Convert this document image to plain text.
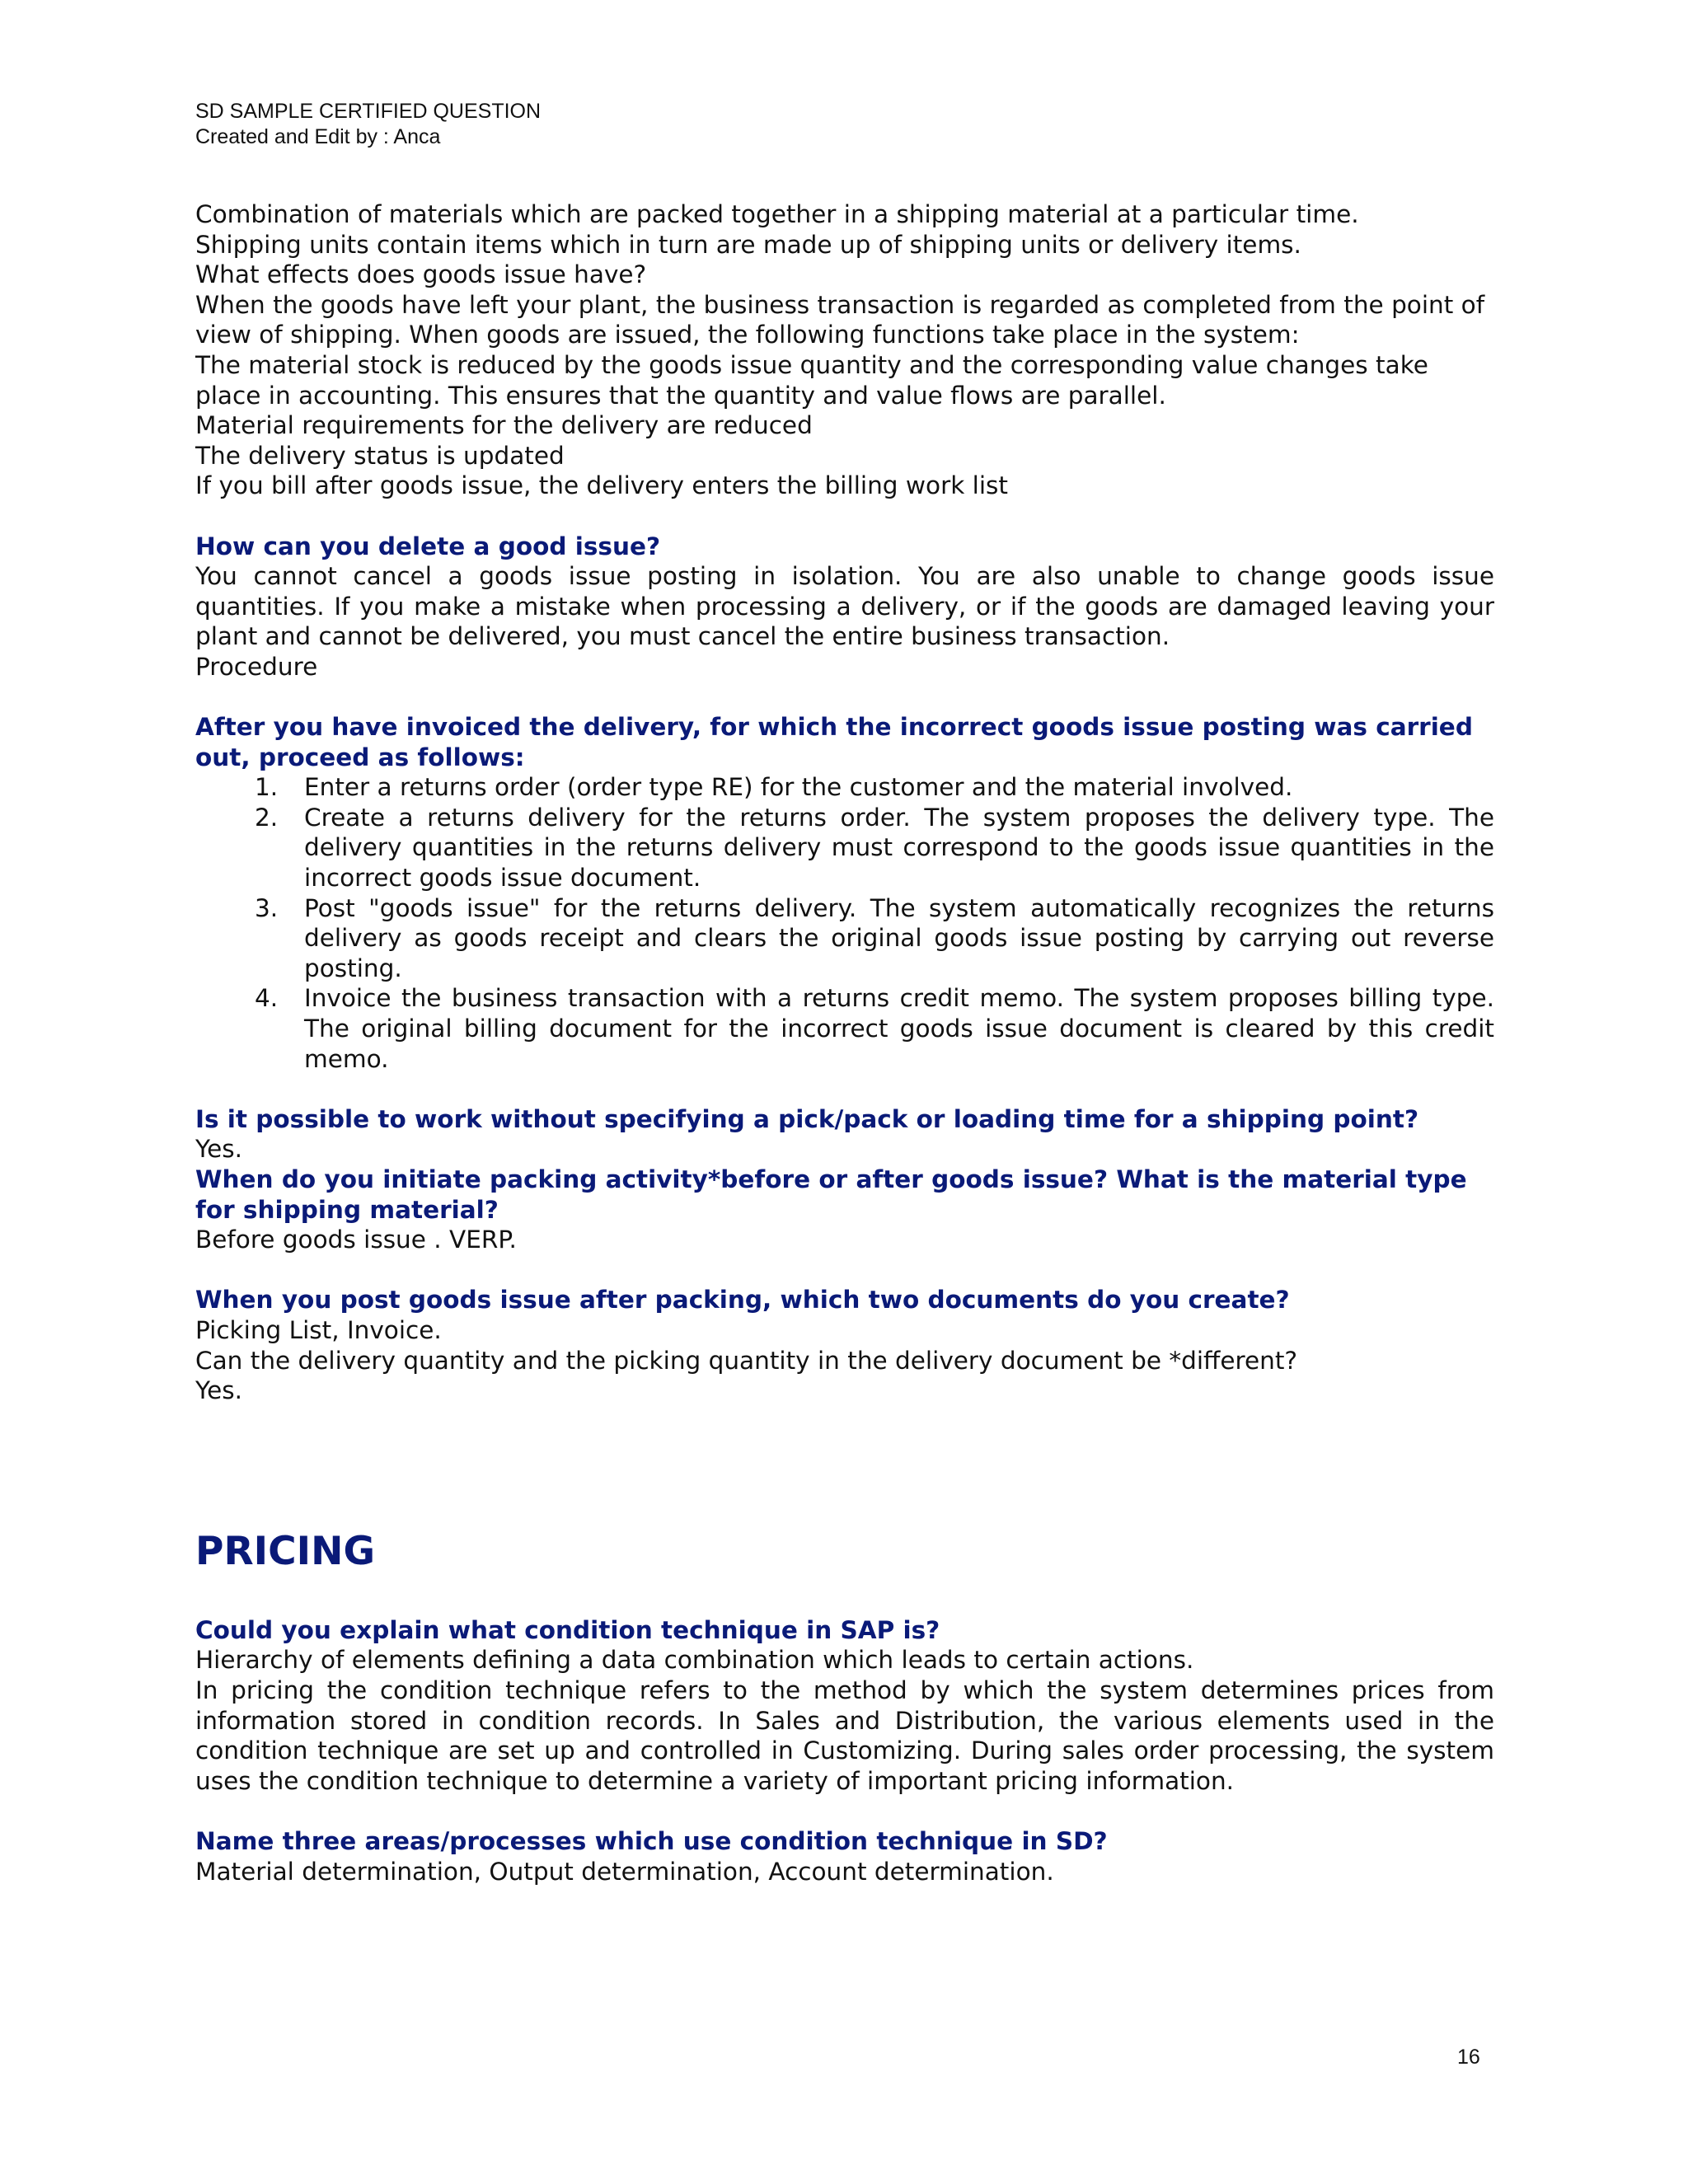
SD SAMPLE CERTIFIED QUESTION
Created and Edit by : Anca

Combination of materials which are packed together in a shipping material at a particular time.

Shipping units contain items which in turn are made up of shipping units or delivery items.

What effects does goods issue have?

When the goods have left your plant, the business transaction is regarded as completed from the point of view of shipping. When goods are issued, the following functions take place in the system:

The material stock is reduced by the goods issue quantity and the corresponding value changes take place in accounting. This ensures that the quantity and value flows are parallel.

Material requirements for the delivery are reduced

The delivery status is updated

If you bill after goods issue, the delivery enters the billing work list

How can you delete a good issue?

You cannot cancel a goods issue posting in isolation. You are also unable to change goods issue quantities. If you make a mistake when processing a delivery, or if the goods are damaged leaving your plant and cannot be delivered, you must cancel the entire business transaction.

Procedure

After you have invoiced the delivery, for which the incorrect goods issue posting was carried out, proceed as follows:

1.	Enter a returns order (order type RE) for the customer and the material involved.
2.	Create a returns delivery for the returns order. The system proposes the delivery type. The delivery quantities in the returns delivery must correspond to the goods issue quantities in the incorrect goods issue document.
3.	Post "goods issue" for the returns delivery. The system automatically recognizes the returns delivery as goods receipt and clears the original goods issue posting by carrying out reverse posting.
4.	Invoice the business transaction with a returns credit memo. The system proposes billing type. The original billing document for the incorrect goods issue document is cleared by this credit memo.

Is it possible to work without specifying a pick/pack or loading time for a shipping point?

Yes.

When do you initiate packing activity*before or after goods issue? What is the material type for shipping material?

Before goods issue . VERP.

When you post goods issue after packing, which two documents do you create?

Picking List, Invoice.

Can the delivery quantity and the picking quantity in the delivery document be *different?

Yes.

PRICING

Could you explain what condition technique in SAP is?

Hierarchy of elements defining a data combination which leads to certain actions.

In pricing the condition technique refers to the method by which the system determines prices from information stored in condition records. In Sales and Distribution, the various elements used in the condition technique are set up and controlled in Customizing. During sales order processing, the system uses the condition technique to determine a variety of important pricing information.

Name three areas/processes which use condition technique in SD?

Material determination, Output determination, Account determination.

16
